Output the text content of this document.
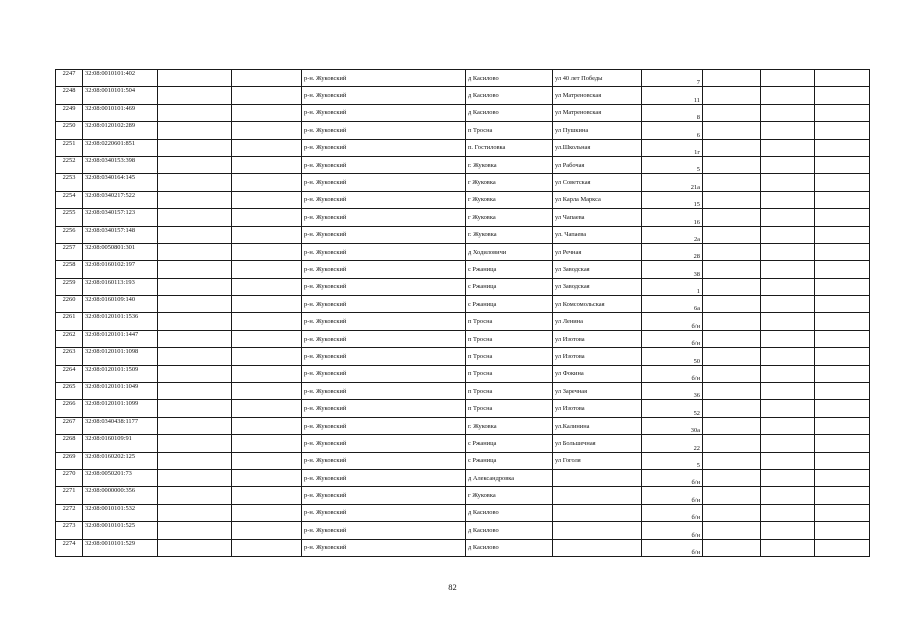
2247	32:08:0010101:402			р-н. Жуковский	д Касилово	ул 40 лет Победы	7			
2248	32:08:0010101:504			р-н. Жуковский	д Касилово	ул Матреновская	11			
2249	32:08:0010101:469			р-н. Жуковский	д Касилово	ул Матреновская	8			
2250	32:08:0120102:289			р-н. Жуковский	п Тросна	ул Пушкина	6			
2251	32:08:0220601:851			р-н. Жуковский	п. Гостиловка	ул.Школьная	1г			
2252	32:08:0340153:398			р-н. Жуковский	г. Жуковка	ул Рабочая	5			
2253	32:08:0340164:145			р-н. Жуковский	г Жуковка	ул Советская	21а			
2254	32:08:0340217:522			р-н. Жуковский	г Жуковка	ул Карла Маркса	15			
2255	32:08:0340157:123			р-н. Жуковский	г Жуковка	ул Чапаева	16			
2256	32:08:0340157:148			р-н. Жуковский	г. Жуковка	ул. Чапаева	2а			
2257	32:08:0050801:301			р-н. Жуковский	д Ходиловичи	ул Речная	28			
2258	32:08:0160102:197			р-н. Жуковский	с Ржаница	ул Заводская	38			
2259	32:08:0160113:193			р-н. Жуковский	с Ржаница	ул Заводская	1			
2260	32:08:0160109:140			р-н. Жуковский	с Ржаница	ул Комсомольская	6а			
2261	32:08:0120101:1536			р-н. Жуковский	п Тросна	ул Ленина	б/н			
2262	32:08:0120101:1447			р-н. Жуковский	п Тросна	ул Изотова	б/н			
2263	32:08:0120101:1098			р-н. Жуковский	п Тросна	ул Изотова	50			
2264	32:08:0120101:1509			р-н. Жуковский	п Тросна	ул Фокина	б/н			
2265	32:08:0120101:1049			р-н. Жуковский	п Тросна	ул Заречная	36			
2266	32:08:0120101:1099			р-н. Жуковский	п Тросна	ул Изотова	52			
2267	32:08:0340438:1177			р-н. Жуковский	г. Жуковка	ул.Калинина	30а			
2268	32:08:0160109:91			р-н. Жуковский	с Ржаница	ул Большечная	22			
2269	32:08:0160202:125			р-н. Жуковский	с Ржаница	ул Гоголя	5			
2270	32:08:0050201:73			р-н. Жуковский	д Александровка		б/н			
2271	32:08:0000000:356			р-н. Жуковский	г Жуковка		б/н			
2272	32:08:0010101:532			р-н. Жуковский	д Касилово		б/н			
2273	32:08:0010101:525			р-н. Жуковский	д Касилово		б/н			
2274	32:08:0010101:529			р-н. Жуковский	д Касилово		б/н			
82
